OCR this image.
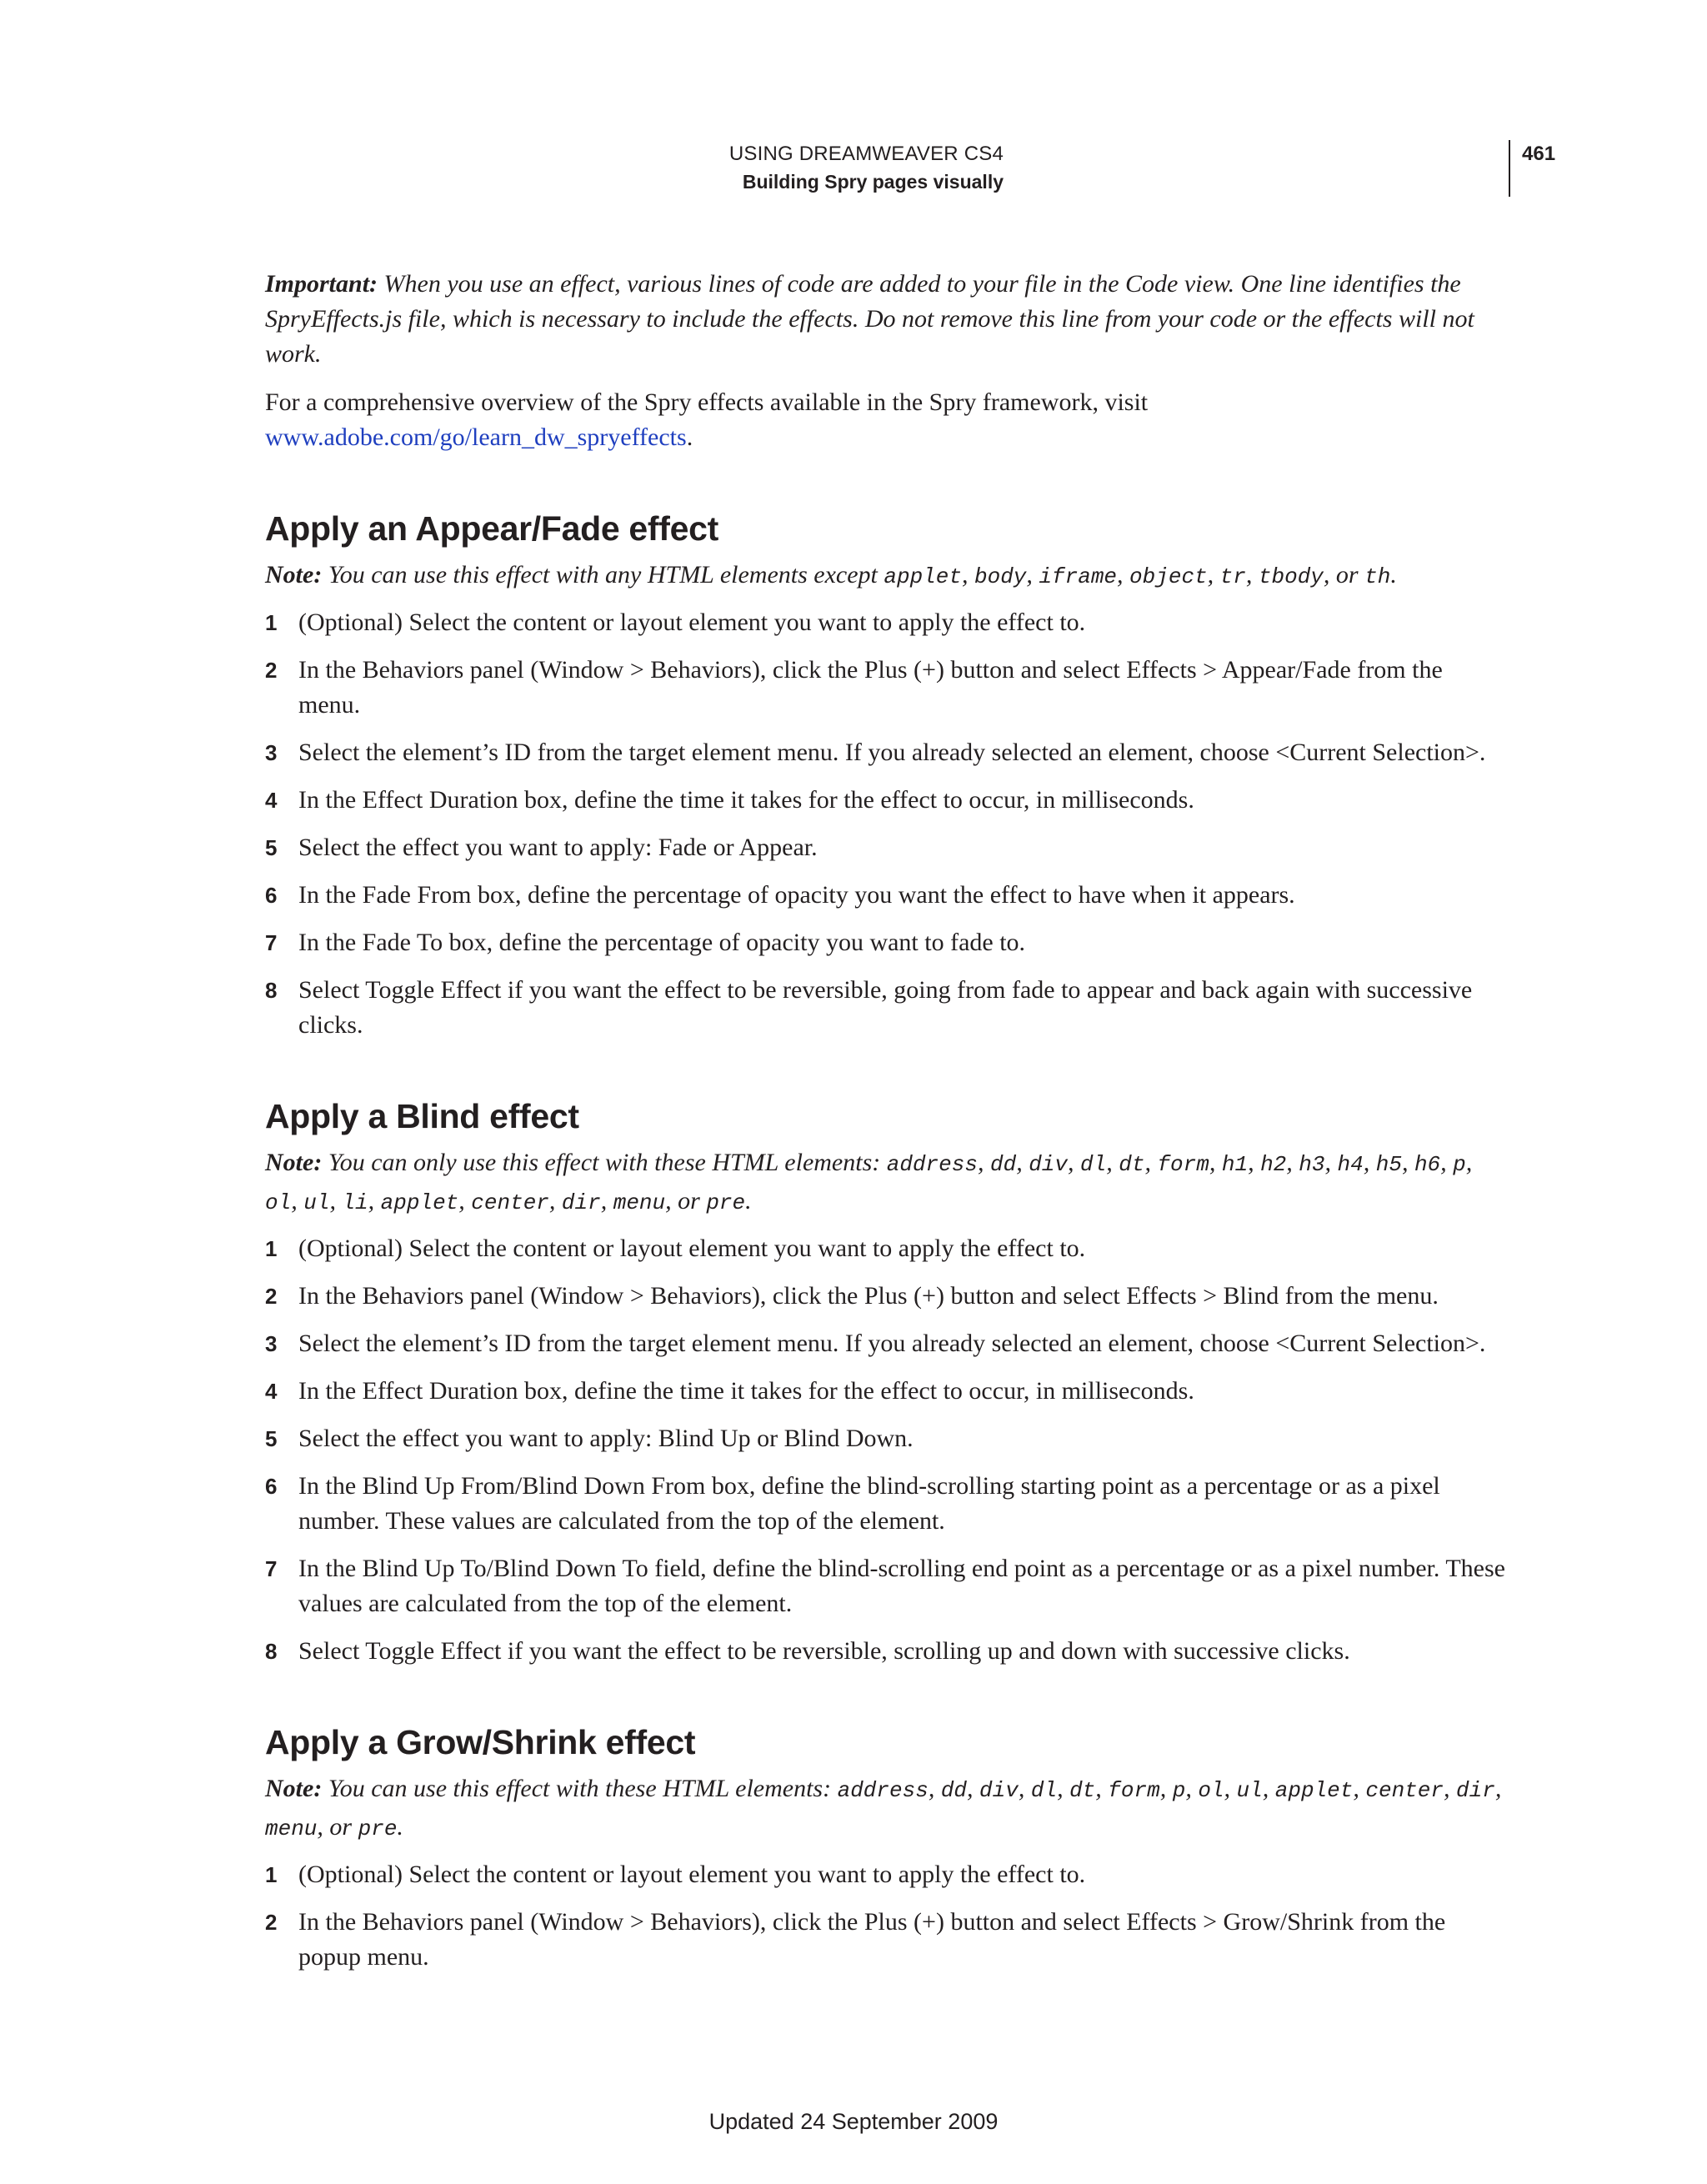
USING DREAMWEAVER CS4
Building Spry pages visually
461

Important: When you use an effect, various lines of code are added to your file in the Code view. One line identifies the SpryEffects.js file, which is necessary to include the effects. Do not remove this line from your code or the effects will not work.

For a comprehensive overview of the Spry effects available in the Spry framework, visit
www.adobe.com/go/learn_dw_spryeffects.

Apply an Appear/Fade effect

Note: You can use this effect with any HTML elements except applet, body, iframe, object, tr, tbody, or th.

1 (Optional) Select the content or layout element you want to apply the effect to.
2 In the Behaviors panel (Window > Behaviors), click the Plus (+) button and select Effects > Appear/Fade from the menu.
3 Select the element’s ID from the target element menu. If you already selected an element, choose <Current Selection>.
4 In the Effect Duration box, define the time it takes for the effect to occur, in milliseconds.
5 Select the effect you want to apply: Fade or Appear.
6 In the Fade From box, define the percentage of opacity you want the effect to have when it appears.
7 In the Fade To box, define the percentage of opacity you want to fade to.
8 Select Toggle Effect if you want the effect to be reversible, going from fade to appear and back again with successive clicks.
Apply a Blind effect

Note: You can only use this effect with these HTML elements: address, dd, div, dl, dt, form, h1, h2, h3, h4, h5, h6, p, ol, ul, li, applet, center, dir, menu, or pre.

1 (Optional) Select the content or layout element you want to apply the effect to.
2 In the Behaviors panel (Window > Behaviors), click the Plus (+) button and select Effects > Blind from the menu.
3 Select the element’s ID from the target element menu. If you already selected an element, choose <Current Selection>.
4 In the Effect Duration box, define the time it takes for the effect to occur, in milliseconds.
5 Select the effect you want to apply: Blind Up or Blind Down.
6 In the Blind Up From/Blind Down From box, define the blind-scrolling starting point as a percentage or as a pixel number. These values are calculated from the top of the element.
7 In the Blind Up To/Blind Down To field, define the blind-scrolling end point as a percentage or as a pixel number. These values are calculated from the top of the element.
8 Select Toggle Effect if you want the effect to be reversible, scrolling up and down with successive clicks.
Apply a Grow/Shrink effect

Note: You can use this effect with these HTML elements: address, dd, div, dl, dt, form, p, ol, ul, applet, center, dir, menu, or pre.

1 (Optional) Select the content or layout element you want to apply the effect to.
2 In the Behaviors panel (Window > Behaviors), click the Plus (+) button and select Effects > Grow/Shrink from the popup menu.
Updated 24 September 2009
